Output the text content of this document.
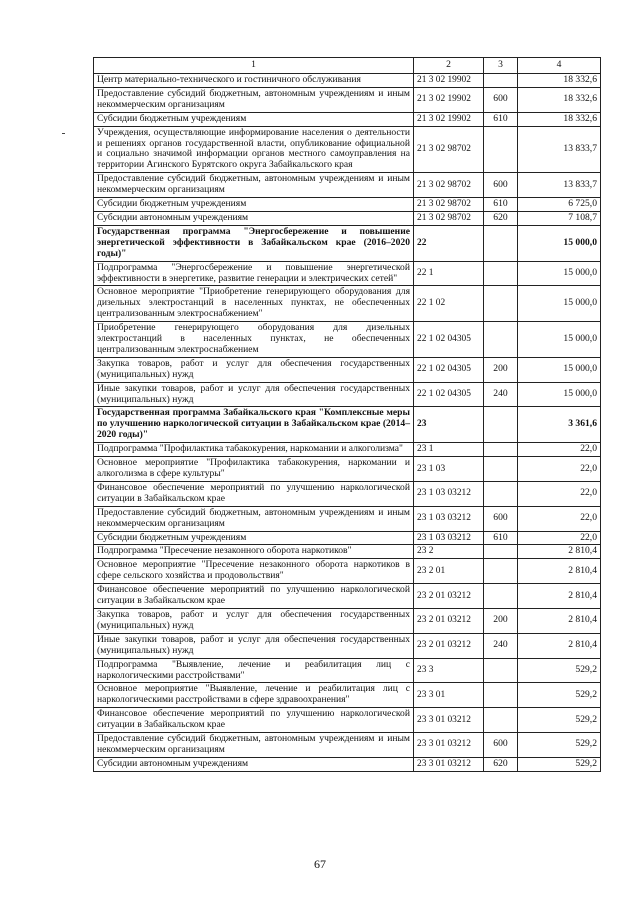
1	2	3	4
Центр материально-технического и гостиничного обслуживания	21 3 02 19902		18 332,6
Предоставление субсидий бюджетным, автономным учреждениям и иным некоммерческим организациям	21 3 02 19902	600	18 332,6
Субсидии бюджетным учреждениям	21 3 02 19902	610	18 332,6
Учреждения, осуществляющие информирование населения о деятельности и решениях органов государственной власти, опубликование официальной и социально значимой информации органов местного самоуправления на территории Агинского Бурятского округа Забайкальского края	21 3 02 98702		13 833,7
Предоставление субсидий бюджетным, автономным учреждениям и иным некоммерческим организациям	21 3 02 98702	600	13 833,7
Субсидии бюджетным учреждениям	21 3 02 98702	610	6 725,0
Субсидии автономным учреждениям	21 3 02 98702	620	7 108,7
Государственная программа "Энергосбережение и повышение энергетической эффективности в Забайкальском крае (2016–2020 годы)"	22		15 000,0
Подпрограмма "Энергосбережение и повышение энергетической эффективности в энергетике, развитие генерации и электрических сетей"	22 1		15 000,0
Основное мероприятие "Приобретение генерирующего оборудования для дизельных электростанций в населенных пунктах, не обеспеченных централизованным электроснабжением"	22 1 02		15 000,0
Приобретение генерирующего оборудования для дизельных электростанций в населенных пунктах, не обеспеченных централизованным электроснабжением	22 1 02 04305		15 000,0
Закупка товаров, работ и услуг для обеспечения государственных (муниципальных) нужд	22 1 02 04305	200	15 000,0
Иные закупки товаров, работ и услуг для обеспечения государственных (муниципальных) нужд	22 1 02 04305	240	15 000,0
Государственная программа Забайкальского края "Комплексные меры по улучшению наркологической ситуации в Забайкальском крае (2014–2020 годы)"	23		3 361,6
Подпрограмма "Профилактика табакокурения, наркомании и алкоголизма"	23 1		22,0
Основное мероприятие "Профилактика табакокурения, наркомании и алкоголизма в сфере культуры"	23 1 03		22,0
Финансовое обеспечение мероприятий по улучшению наркологической ситуации в Забайкальском крае	23 1 03 03212		22,0
Предоставление субсидий бюджетным, автономным учреждениям и иным некоммерческим организациям	23 1 03 03212	600	22,0
Субсидии бюджетным учреждениям	23 1 03 03212	610	22,0
Подпрограмма "Пресечение незаконного оборота наркотиков"	23 2		2 810,4
Основное мероприятие "Пресечение незаконного оборота наркотиков в сфере сельского хозяйства и продовольствия"	23 2 01		2 810,4
Финансовое обеспечение мероприятий по улучшению наркологической ситуации в Забайкальском крае	23 2 01 03212		2 810,4
Закупка товаров, работ и услуг для обеспечения государственных (муниципальных) нужд	23 2 01 03212	200	2 810,4
Иные закупки товаров, работ и услуг для обеспечения государственных (муниципальных) нужд	23 2 01 03212	240	2 810,4
Подпрограмма "Выявление, лечение и реабилитация лиц с наркологическими расстройствами"	23 3		529,2
Основное мероприятие "Выявление, лечение и реабилитация лиц с наркологическими расстройствами в сфере здравоохранения"	23 3 01		529,2
Финансовое обеспечение мероприятий по улучшению наркологической ситуации в Забайкальском крае	23 3 01 03212		529,2
Предоставление субсидий бюджетным, автономным учреждениям и иным некоммерческим организациям	23 3 01 03212	600	529,2
Субсидии автономным учреждениям	23 3 01 03212	620	529,2
67
